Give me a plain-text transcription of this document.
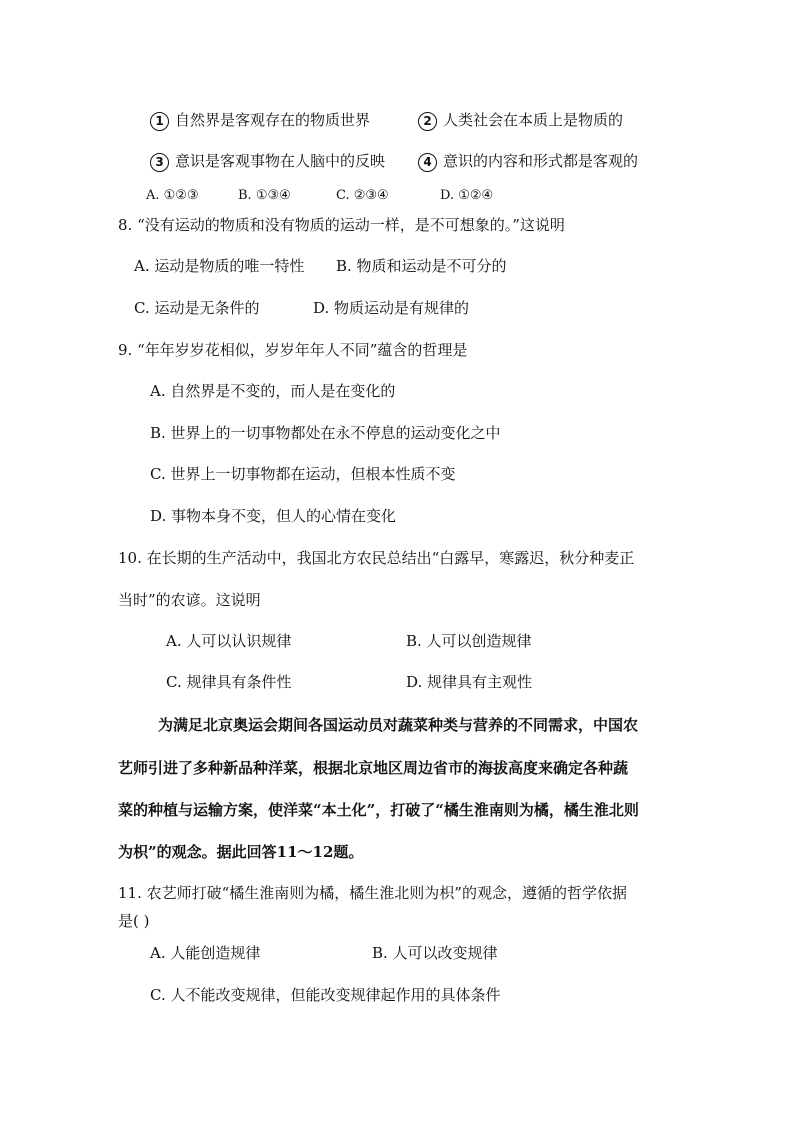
1 自然界是客观存在的物质世界	2 人类社会在本质上是物质的
3 意识是客观事物在人脑中的反映	4 意识的内容和形式都是客观的
A. ①②③	B. ①③④	C. ②③④	D. ①②④
8. “没有运动的物质和没有物质的运动一样，是不可想象的。”这说明
A. 运动是物质的唯一特性 B. 物质和运动是不可分的
C. 运动是无条件的	D. 物质运动是有规律的
9. “年年岁岁花相似，岁岁年年人不同”蕴含的哲理是
A. 自然界是不变的，而人是在变化的
B. 世界上的一切事物都处在永不停息的运动变化之中
C. 世界上一切事物都在运动，但根本性质不变
D. 事物本身不变，但人的心情在变化
10. 在长期的生产活动中，我国北方农民总结出“白露早，寒露迟，秋分种麦正
当时”的农谚。这说明
A. 人可以认识规律	B. 人可以创造规律
C. 规律具有条件性	D. 规律具有主观性
为满足北京奥运会期间各国运动员对蔬菜种类与营养的不同需求，中国农
艺师引进了多种新品种洋菜，根据北京地区周边省市的海拔高度来确定各种蔬
菜的种植与运输方案，使洋菜“本土化”，打破了“橘生淮南则为橘，橘生淮北则
为枳”的观念。据此回答11～12题。
11. 农艺师打破“橘生淮南则为橘，橘生淮北则为枳”的观念，遵循的哲学依据
是( )
A. 人能创造规律	B. 人可以改变规律
C. 人不能改变规律，但能改变规律起作用的具体条件
